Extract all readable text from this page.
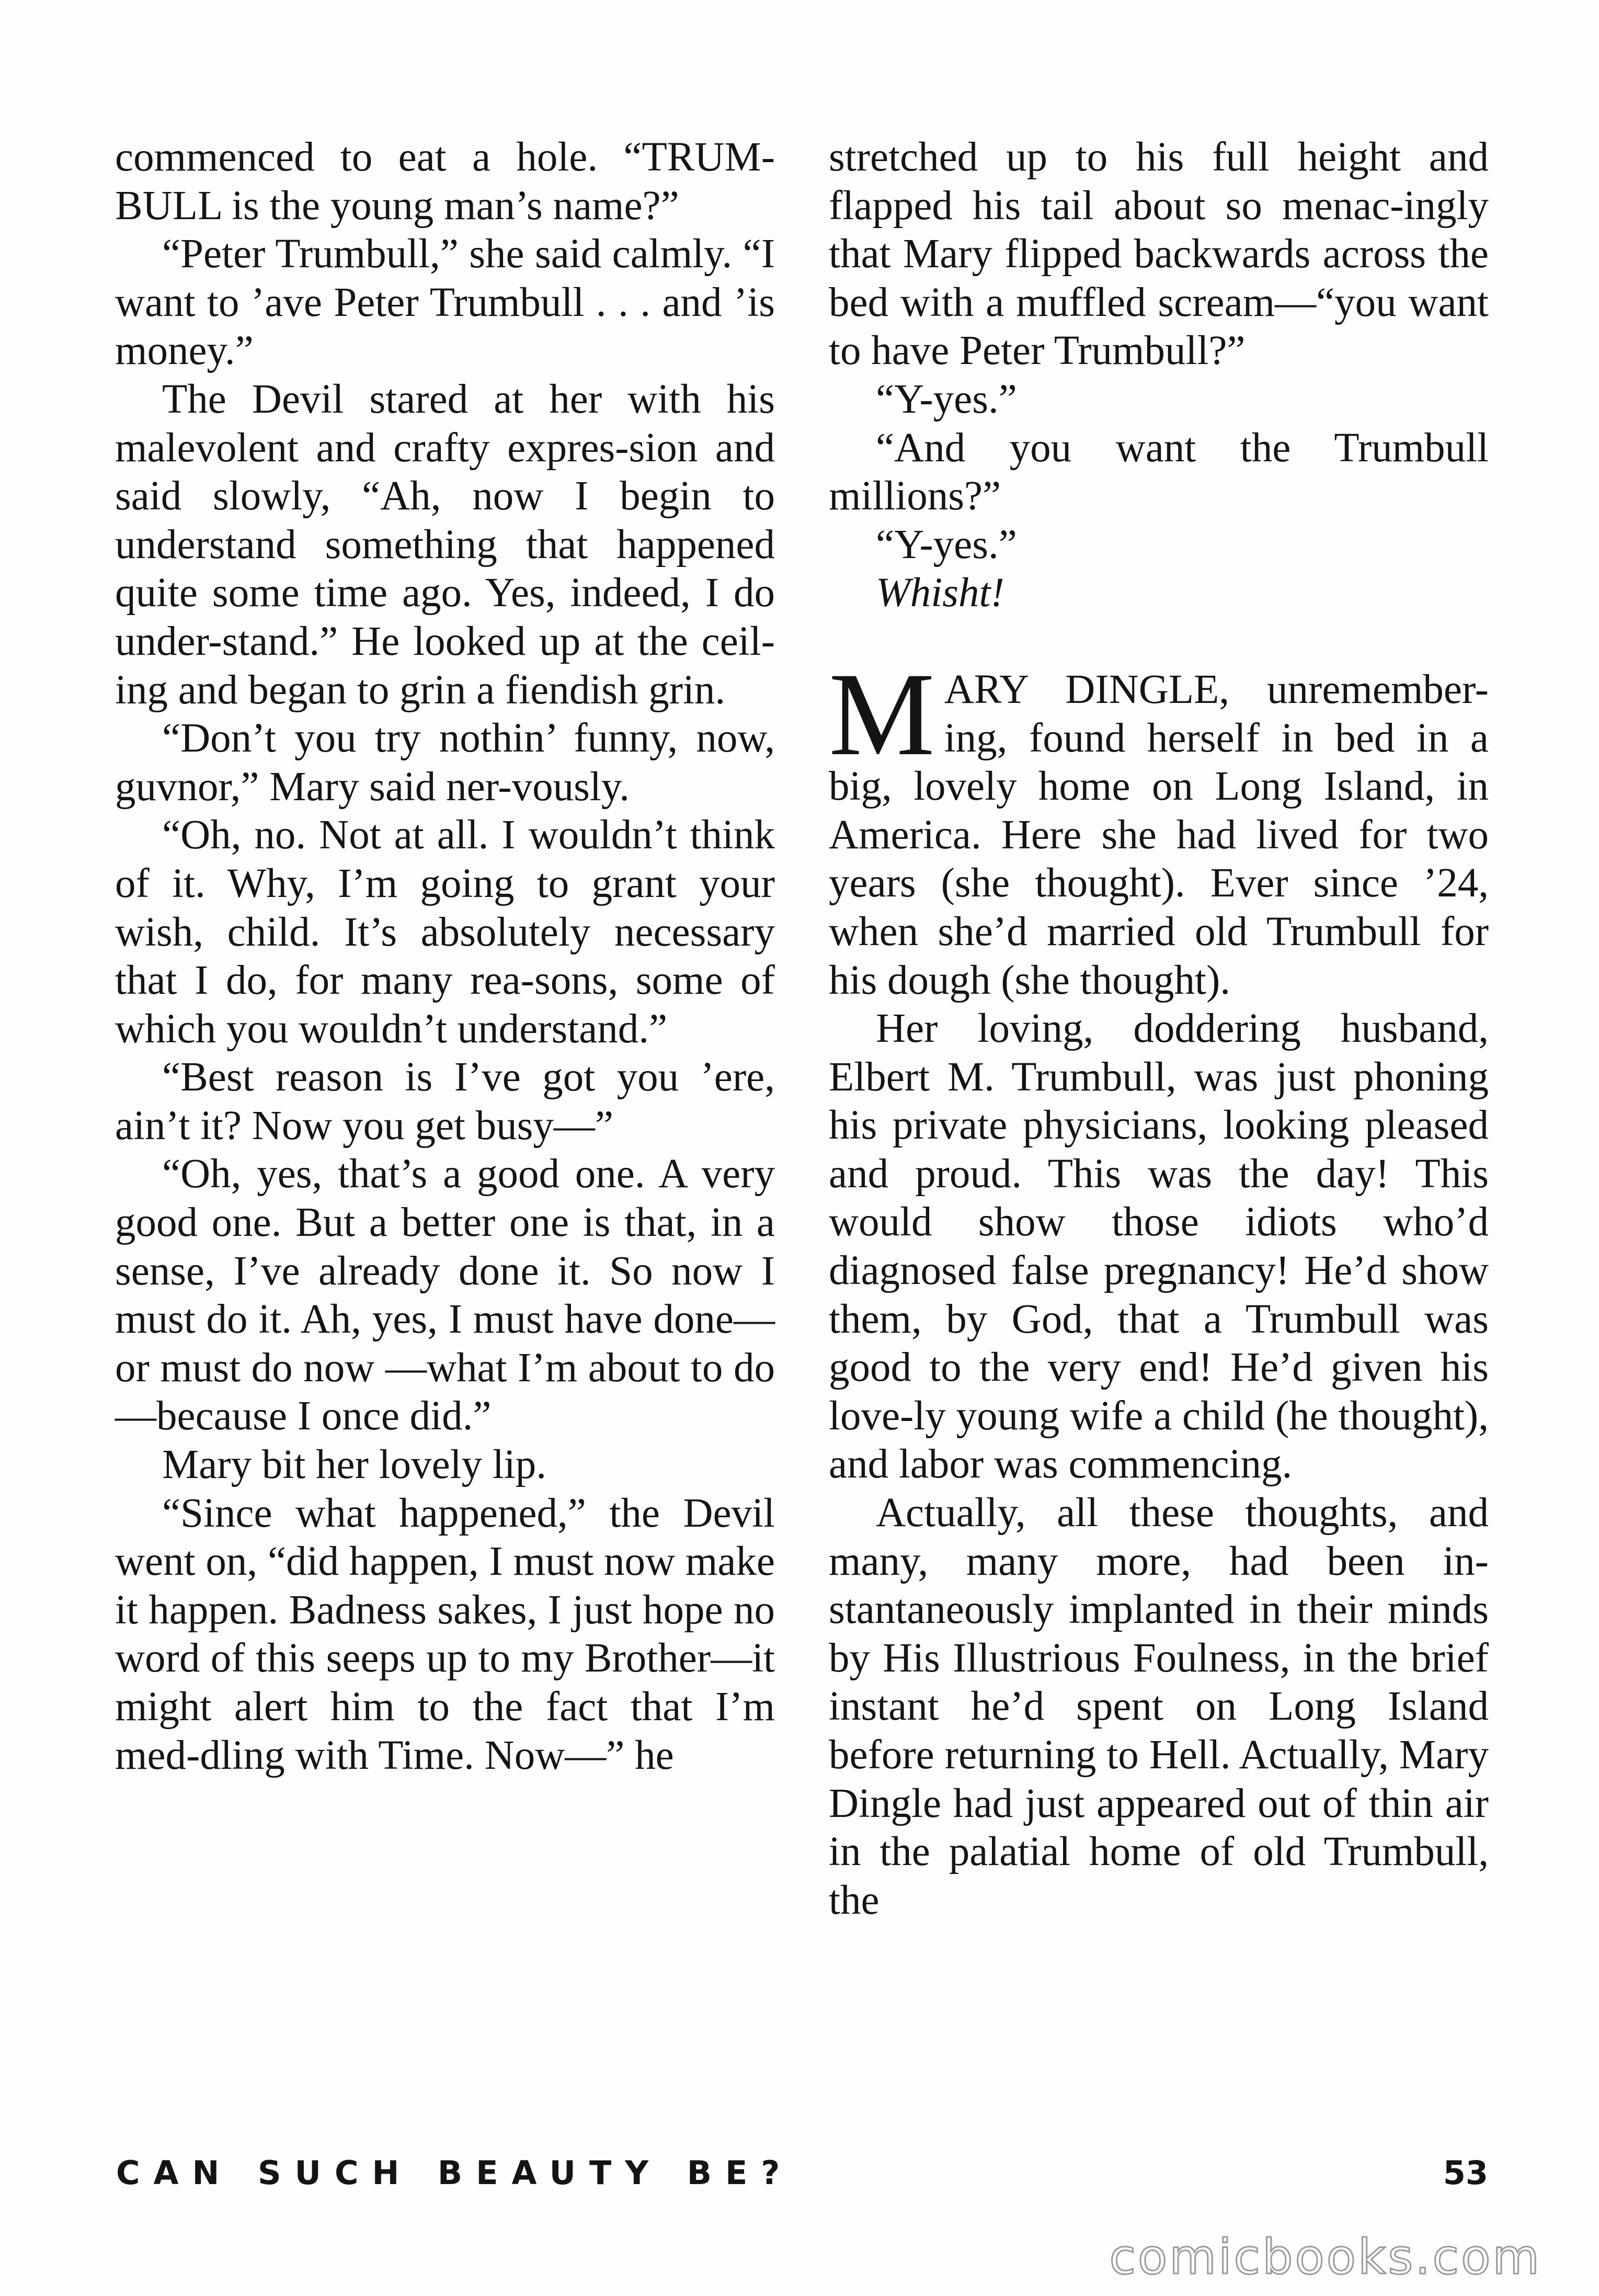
commenced to eat a hole. “TRUM-BULL is the young man’s name?”

“Peter Trumbull,” she said calmly. “I want to ’ave Peter Trumbull . . . and ’is money.”

The Devil stared at her with his malevolent and crafty expres-sion and said slowly, “Ah, now I begin to understand something that happened quite some time ago. Yes, indeed, I do under-stand.” He looked up at the ceil-ing and began to grin a fiendish grin.

“Don’t you try nothin’ funny, now, guvnor,” Mary said ner-vously.

“Oh, no. Not at all. I wouldn’t think of it. Why, I’m going to grant your wish, child. It’s absolutely necessary that I do, for many rea-sons, some of which you wouldn’t understand.”

“Best reason is I’ve got you ’ere, ain’t it? Now you get busy—”

“Oh, yes, that’s a good one. A very good one. But a better one is that, in a sense, I’ve already done it. So now I must do it. Ah, yes, I must have done—or must do now —what I’m about to do—because I once did.”

Mary bit her lovely lip.

“Since what happened,” the Devil went on, “did happen, I must now make it happen. Badness sakes, I just hope no word of this seeps up to my Brother—it might alert him to the fact that I’m med-dling with Time. Now—” he

stretched up to his full height and flapped his tail about so menac-ingly that Mary flipped backwards across the bed with a muffled scream—“you want to have Peter Trumbull?”

“Y-yes.”

“And you want the Trumbull millions?”

“Y-yes.”

Whisht!

MARY DINGLE, unremember-ing, found herself in bed in a big, lovely home on Long Island, in America. Here she had lived for two years (she thought). Ever since ’24, when she’d married old Trumbull for his dough (she thought).

Her loving, doddering husband, Elbert M. Trumbull, was just phoning his private physicians, looking pleased and proud. This was the day! This would show those idiots who’d diagnosed false pregnancy! He’d show them, by God, that a Trumbull was good to the very end! He’d given his love-ly young wife a child (he thought), and labor was commencing.

Actually, all these thoughts, and many, many more, had been in-stantaneously implanted in their minds by His Illustrious Foulness, in the brief instant he’d spent on Long Island before returning to Hell. Actually, Mary Dingle had just appeared out of thin air in the palatial home of old Trumbull, the

CAN SUCH BEAUTY BE?	53
comicbooks.com
